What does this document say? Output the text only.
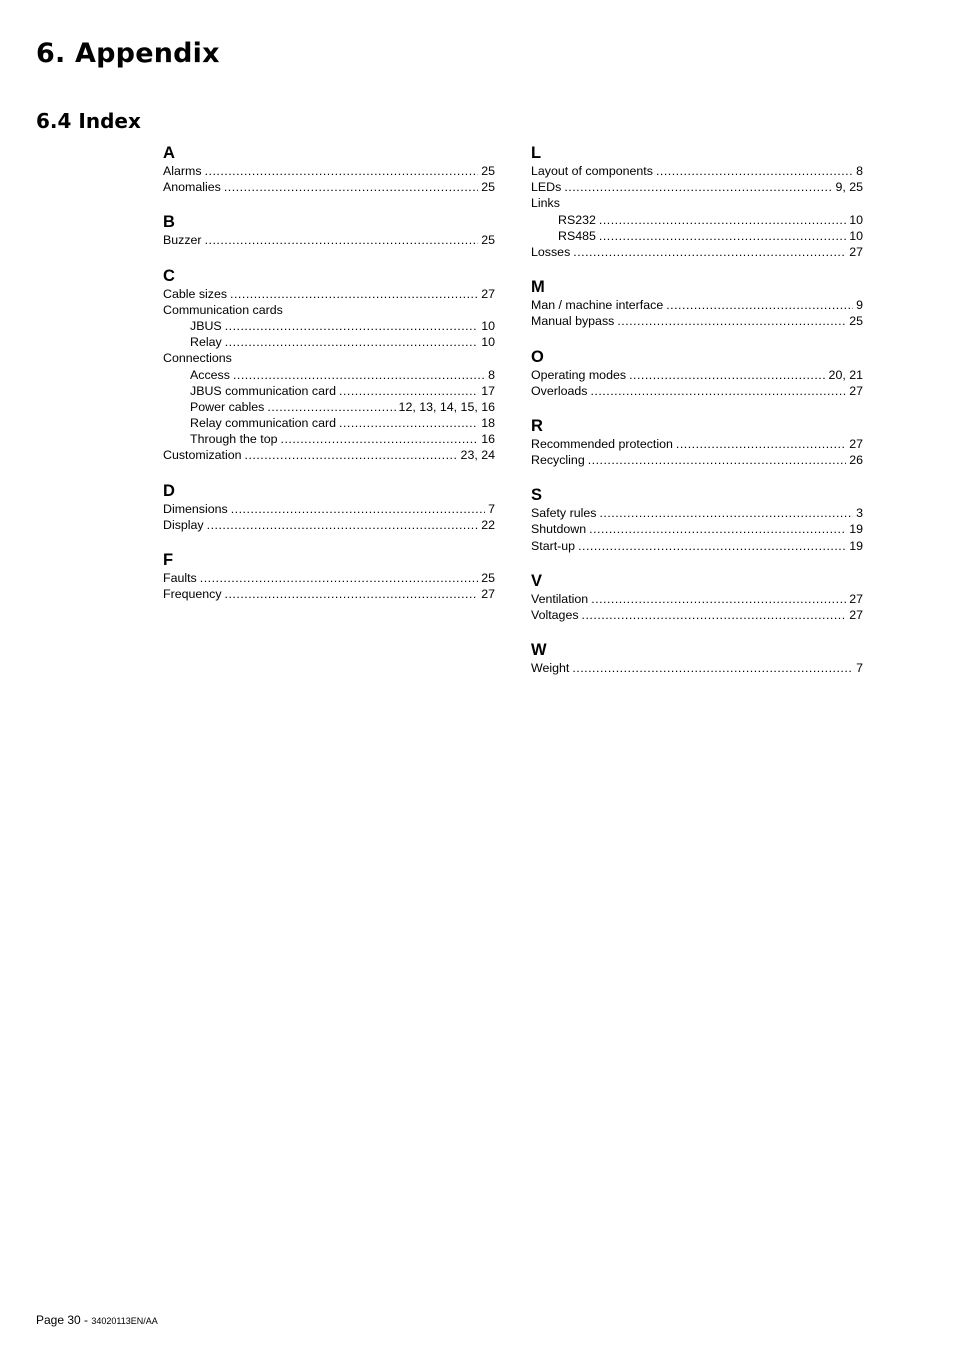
6. Appendix
6.4 Index
A
Alarms .....	25
Anomalies .....	25
B
Buzzer .....	25
C
Cable sizes .....	27
Communication cards
JBUS .....	10
Relay .....	10
Connections
Access .....	8
JBUS communication card .....	17
Power cables .....	12, 13, 14, 15, 16
Relay communication card .....	18
Through the top .....	16
Customization .....	23, 24
D
Dimensions .....	7
Display .....	22
F
Faults .....	25
Frequency .....	27
L
Layout of components .....	8
LEDs .....	9, 25
Links
RS232 .....	10
RS485 .....	10
Losses .....	27
M
Man / machine interface .....	9
Manual bypass .....	25
O
Operating modes .....	20, 21
Overloads .....	27
R
Recommended protection .....	27
Recycling .....	26
S
Safety rules .....	3
Shutdown .....	19
Start-up .....	19
V
Ventilation .....	27
Voltages .....	27
W
Weight .....	7
Page 30 - 34020113EN/AA
